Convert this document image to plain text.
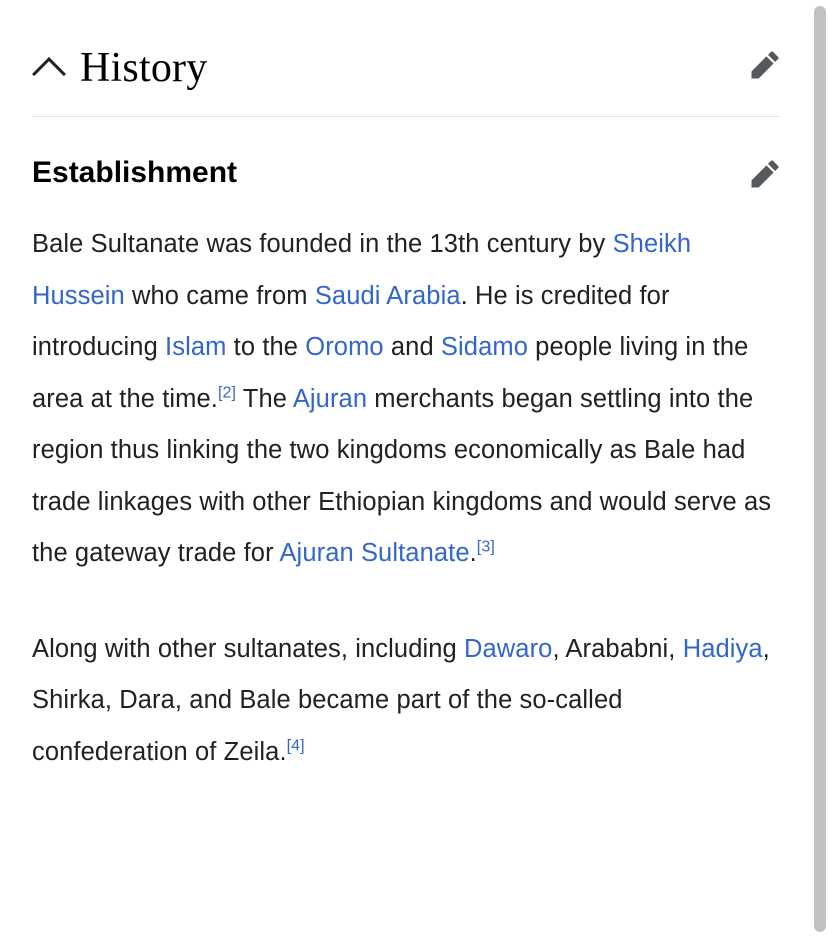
History
Establishment

Bale Sultanate was founded in the 13th century by Sheikh Hussein who came from Saudi Arabia. He is credited for introducing Islam to the Oromo and Sidamo people living in the area at the time.[2] The Ajuran merchants began settling into the region thus linking the two kingdoms economically as Bale had trade linkages with other Ethiopian kingdoms and would serve as the gateway trade for Ajuran Sultanate.[3]

Along with other sultanates, including Dawaro, Arababni, Hadiya, Shirka, Dara, and Bale became part of the so-called confederation of Zeila.[4]
